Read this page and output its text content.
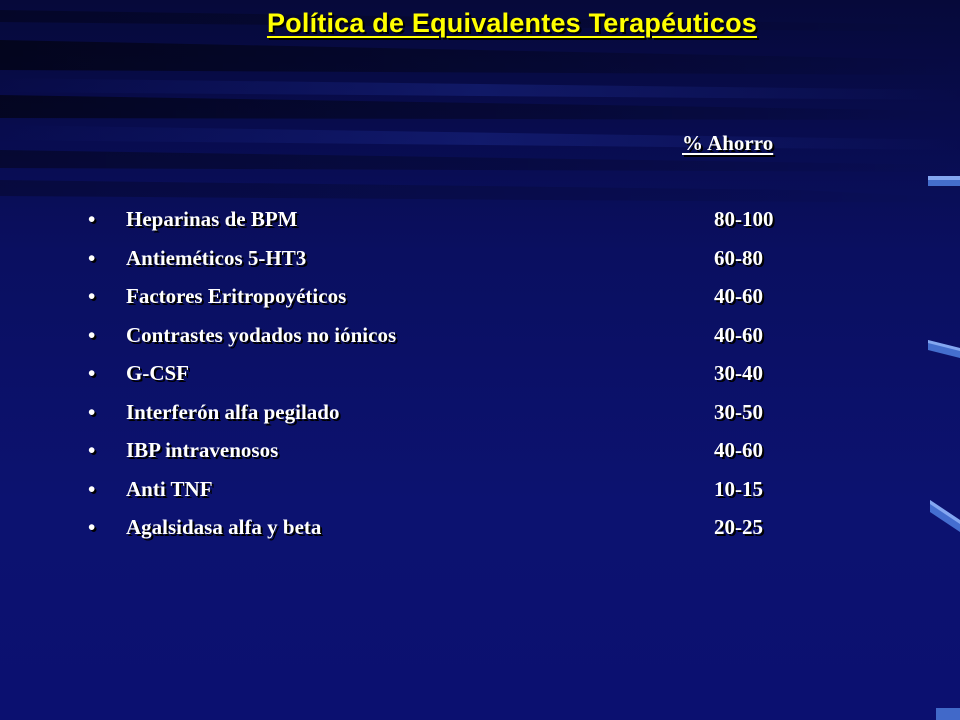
Política de Equivalentes Terapéuticos
% Ahorro
• Heparinas de BPM	80-100
• Antieméticos 5-HT3	60-80
• Factores Eritropoyéticos	40-60
• Contrastes yodados no iónicos	40-60
• G-CSF	30-40
• Interferón alfa pegilado	30-50
• IBP intravenosos	40-60
• Anti TNF	10-15
• Agalsidasa alfa y beta	20-25
